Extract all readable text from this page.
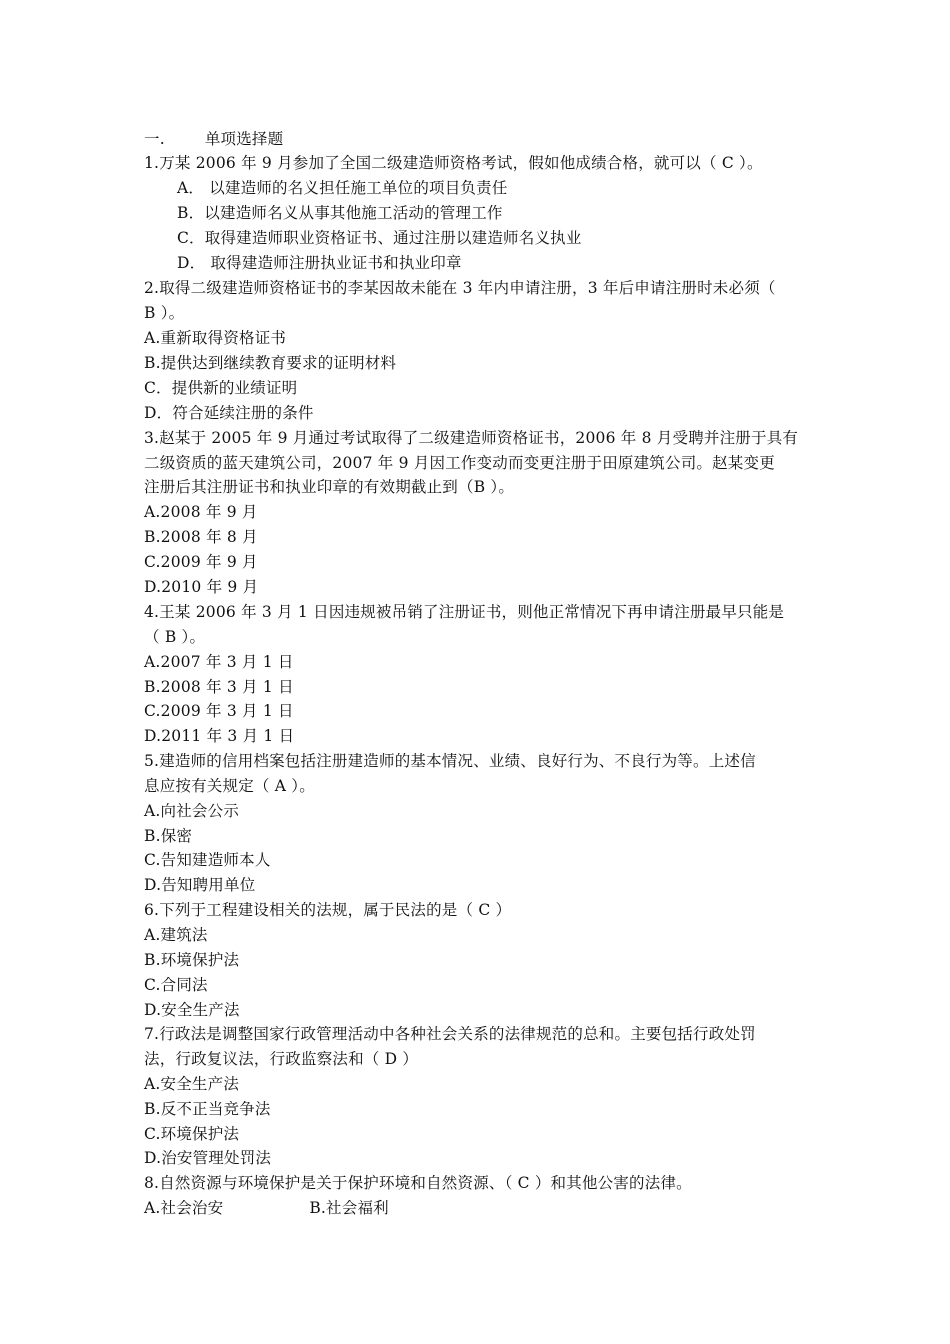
一.	单项选择题
1.万某 2006 年 9 月参加了全国二级建造师资格考试，假如他成绩合格，就可以（ C ）。
A． 以建造师的名义担任施工单位的项目负责任
B．以建造师名义从事其他施工活动的管理工作
C．取得建造师职业资格证书、通过注册以建造师名义执业
D． 取得建造师注册执业证书和执业印章
2.取得二级建造师资格证书的李某因故未能在 3 年内申请注册，3 年后申请注册时未必须（
B ）。
A.重新取得资格证书
B.提供达到继续教育要求的证明材料
C．提供新的业绩证明
D．符合延续注册的条件
3.赵某于 2005 年 9 月通过考试取得了二级建造师资格证书，2006 年 8 月受聘并注册于具有
二级资质的蓝天建筑公司，2007 年 9 月因工作变动而变更注册于田原建筑公司。赵某变更
注册后其注册证书和执业印章的有效期截止到（B ）。
A.2008 年 9 月
B.2008 年 8 月
C.2009 年 9 月
D.2010 年 9 月
4.王某 2006 年 3 月 1 日因违规被吊销了注册证书，则他正常情况下再申请注册最早只能是
（ B ）。
A.2007 年 3 月 1 日
B.2008 年 3 月 1 日
C.2009 年 3 月 1 日
D.2011 年 3 月 1 日
5.建造师的信用档案包括注册建造师的基本情况、业绩、良好行为、不良行为等。上述信
息应按有关规定（ A ）。
A.向社会公示
B.保密
C.告知建造师本人
D.告知聘用单位
6.下列于工程建设相关的法规，属于民法的是（ C ）
A.建筑法
B.环境保护法
C.合同法
D.安全生产法
7.行政法是调整国家行政管理活动中各种社会关系的法律规范的总和。主要包括行政处罚
法，行政复议法，行政监察法和（ D ）
A.安全生产法
B.反不正当竞争法
C.环境保护法
D.治安管理处罚法
8.自然资源与环境保护是关于保护环境和自然资源、（ C ）和其他公害的法律。
A.社会治安	B.社会福利
